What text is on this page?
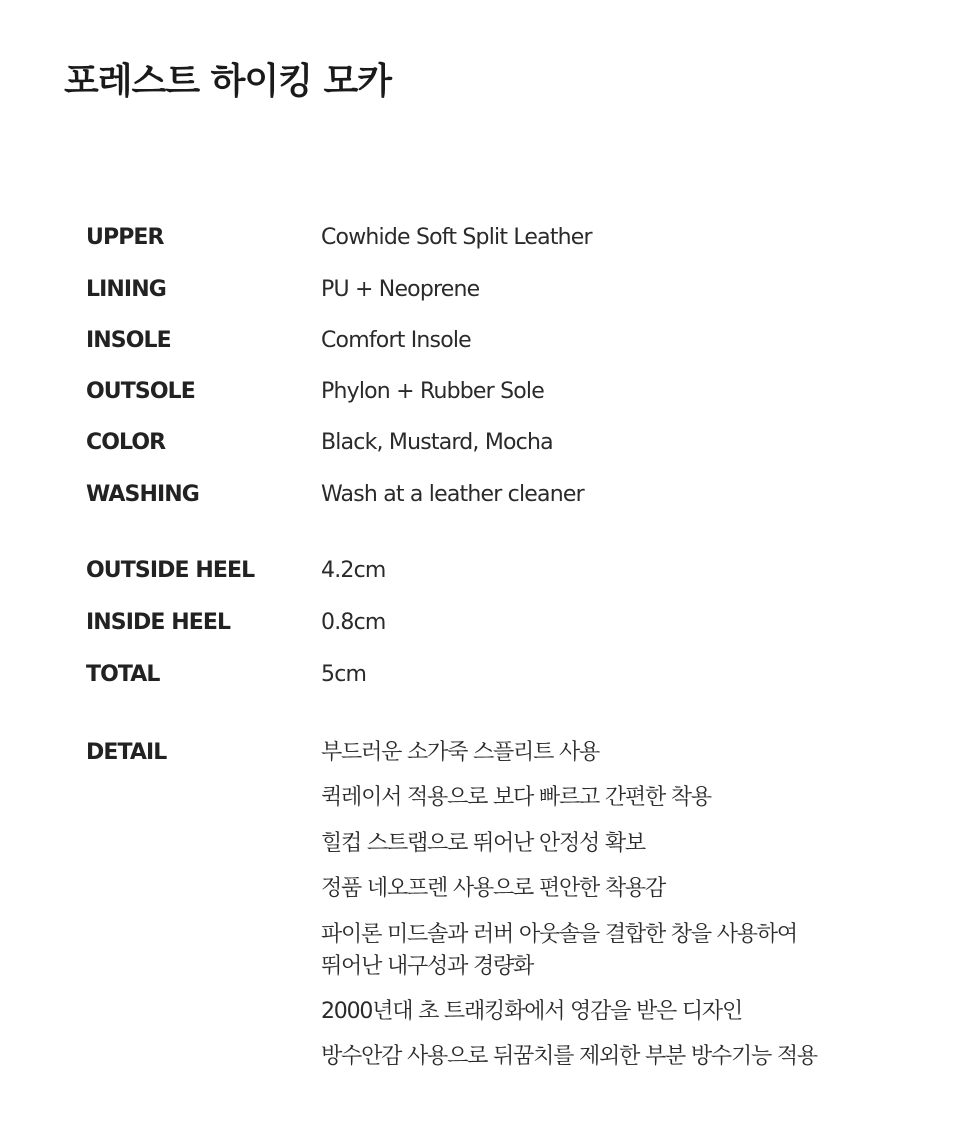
포레스트 하이킹 모카
UPPER	Cowhide Soft Split Leather
LINING	PU + Neoprene
INSOLE	Comfort Insole
OUTSOLE	Phylon + Rubber Sole
COLOR	Black, Mustard, Mocha
WASHING	Wash at a leather cleaner
OUTSIDE HEEL	4.2cm
INSIDE HEEL	0.8cm
TOTAL	5cm
DETAIL	부드러운 소가죽 스플리트 사용
퀵레이서 적용으로 보다 빠르고 간편한 착용
힐컵 스트랩으로 뛰어난 안정성 확보
정품 네오프렌 사용으로 편안한 착용감
파이론 미드솔과 러버 아웃솔을 결합한 창을 사용하여
뛰어난 내구성과 경량화
2000년대 초 트래킹화에서 영감을 받은 디자인
방수안감 사용으로 뒤꿈치를 제외한 부분 방수기능 적용
